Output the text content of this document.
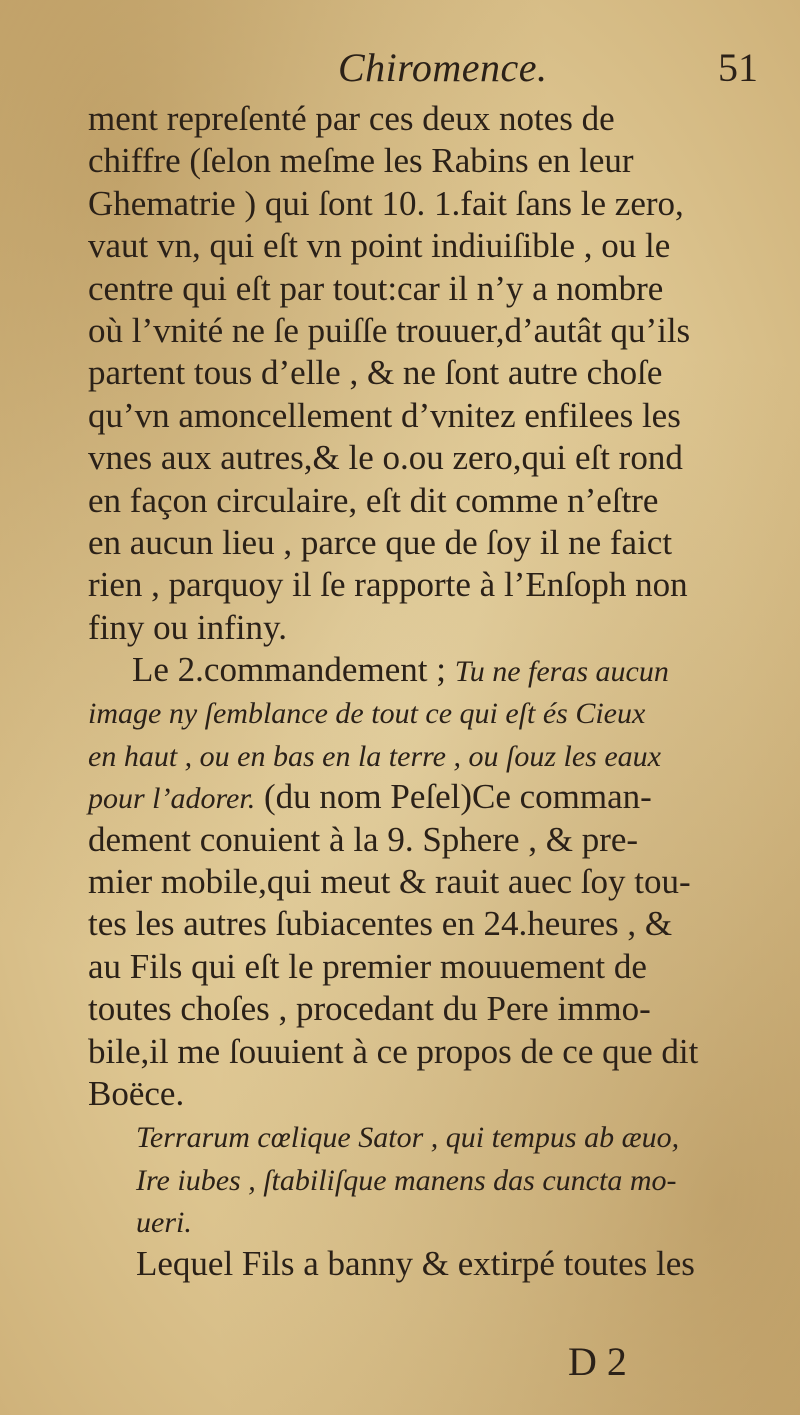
Chiromence.	51
ment repreſenté par ces deux notes de
chiffre (ſelon meſme les Rabins en leur
Ghematrie ) qui ſont 10. 1.fait ſans le zero,
vaut vn, qui eſt vn point indiuiſible , ou le
centre qui eſt par tout:car il n’y a nombre
où l’vnité ne ſe puiſſe trouuer,d’autât qu’ils
partent tous d’elle , & ne ſont autre choſe
qu’vn amoncellement d’vnitez enfilees les
vnes aux autres,& le o.ou zero,qui eſt rond
en façon circulaire, eſt dit comme n’eſtre
en aucun lieu , parce que de ſoy il ne faict
rien , parquoy il ſe rapporte à l’Enſoph non
finy ou infiny.
Le 2.commandement ; Tu ne feras aucun
image ny ſemblance de tout ce qui eſt és Cieux
en haut , ou en bas en la terre , ou ſouz les eaux
pour l’adorer. (du nom Peſel)Ce comman-
dement conuient à la 9. Sphere , & pre-
mier mobile,qui meut & rauit auec ſoy tou-
tes les autres ſubiacentes en 24.heures , &
au Fils qui eſt le premier mouuement de
toutes choſes , procedant du Pere immo-
bile,il me ſouuient à ce propos de ce que dit
Boëce.
Terrarum cœlique Sator , qui tempus ab æuo,
Ire iubes , ſtabiliſque manens das cuncta mo-
ueri.
Lequel Fils a banny & extirpé toutes les
D 2
